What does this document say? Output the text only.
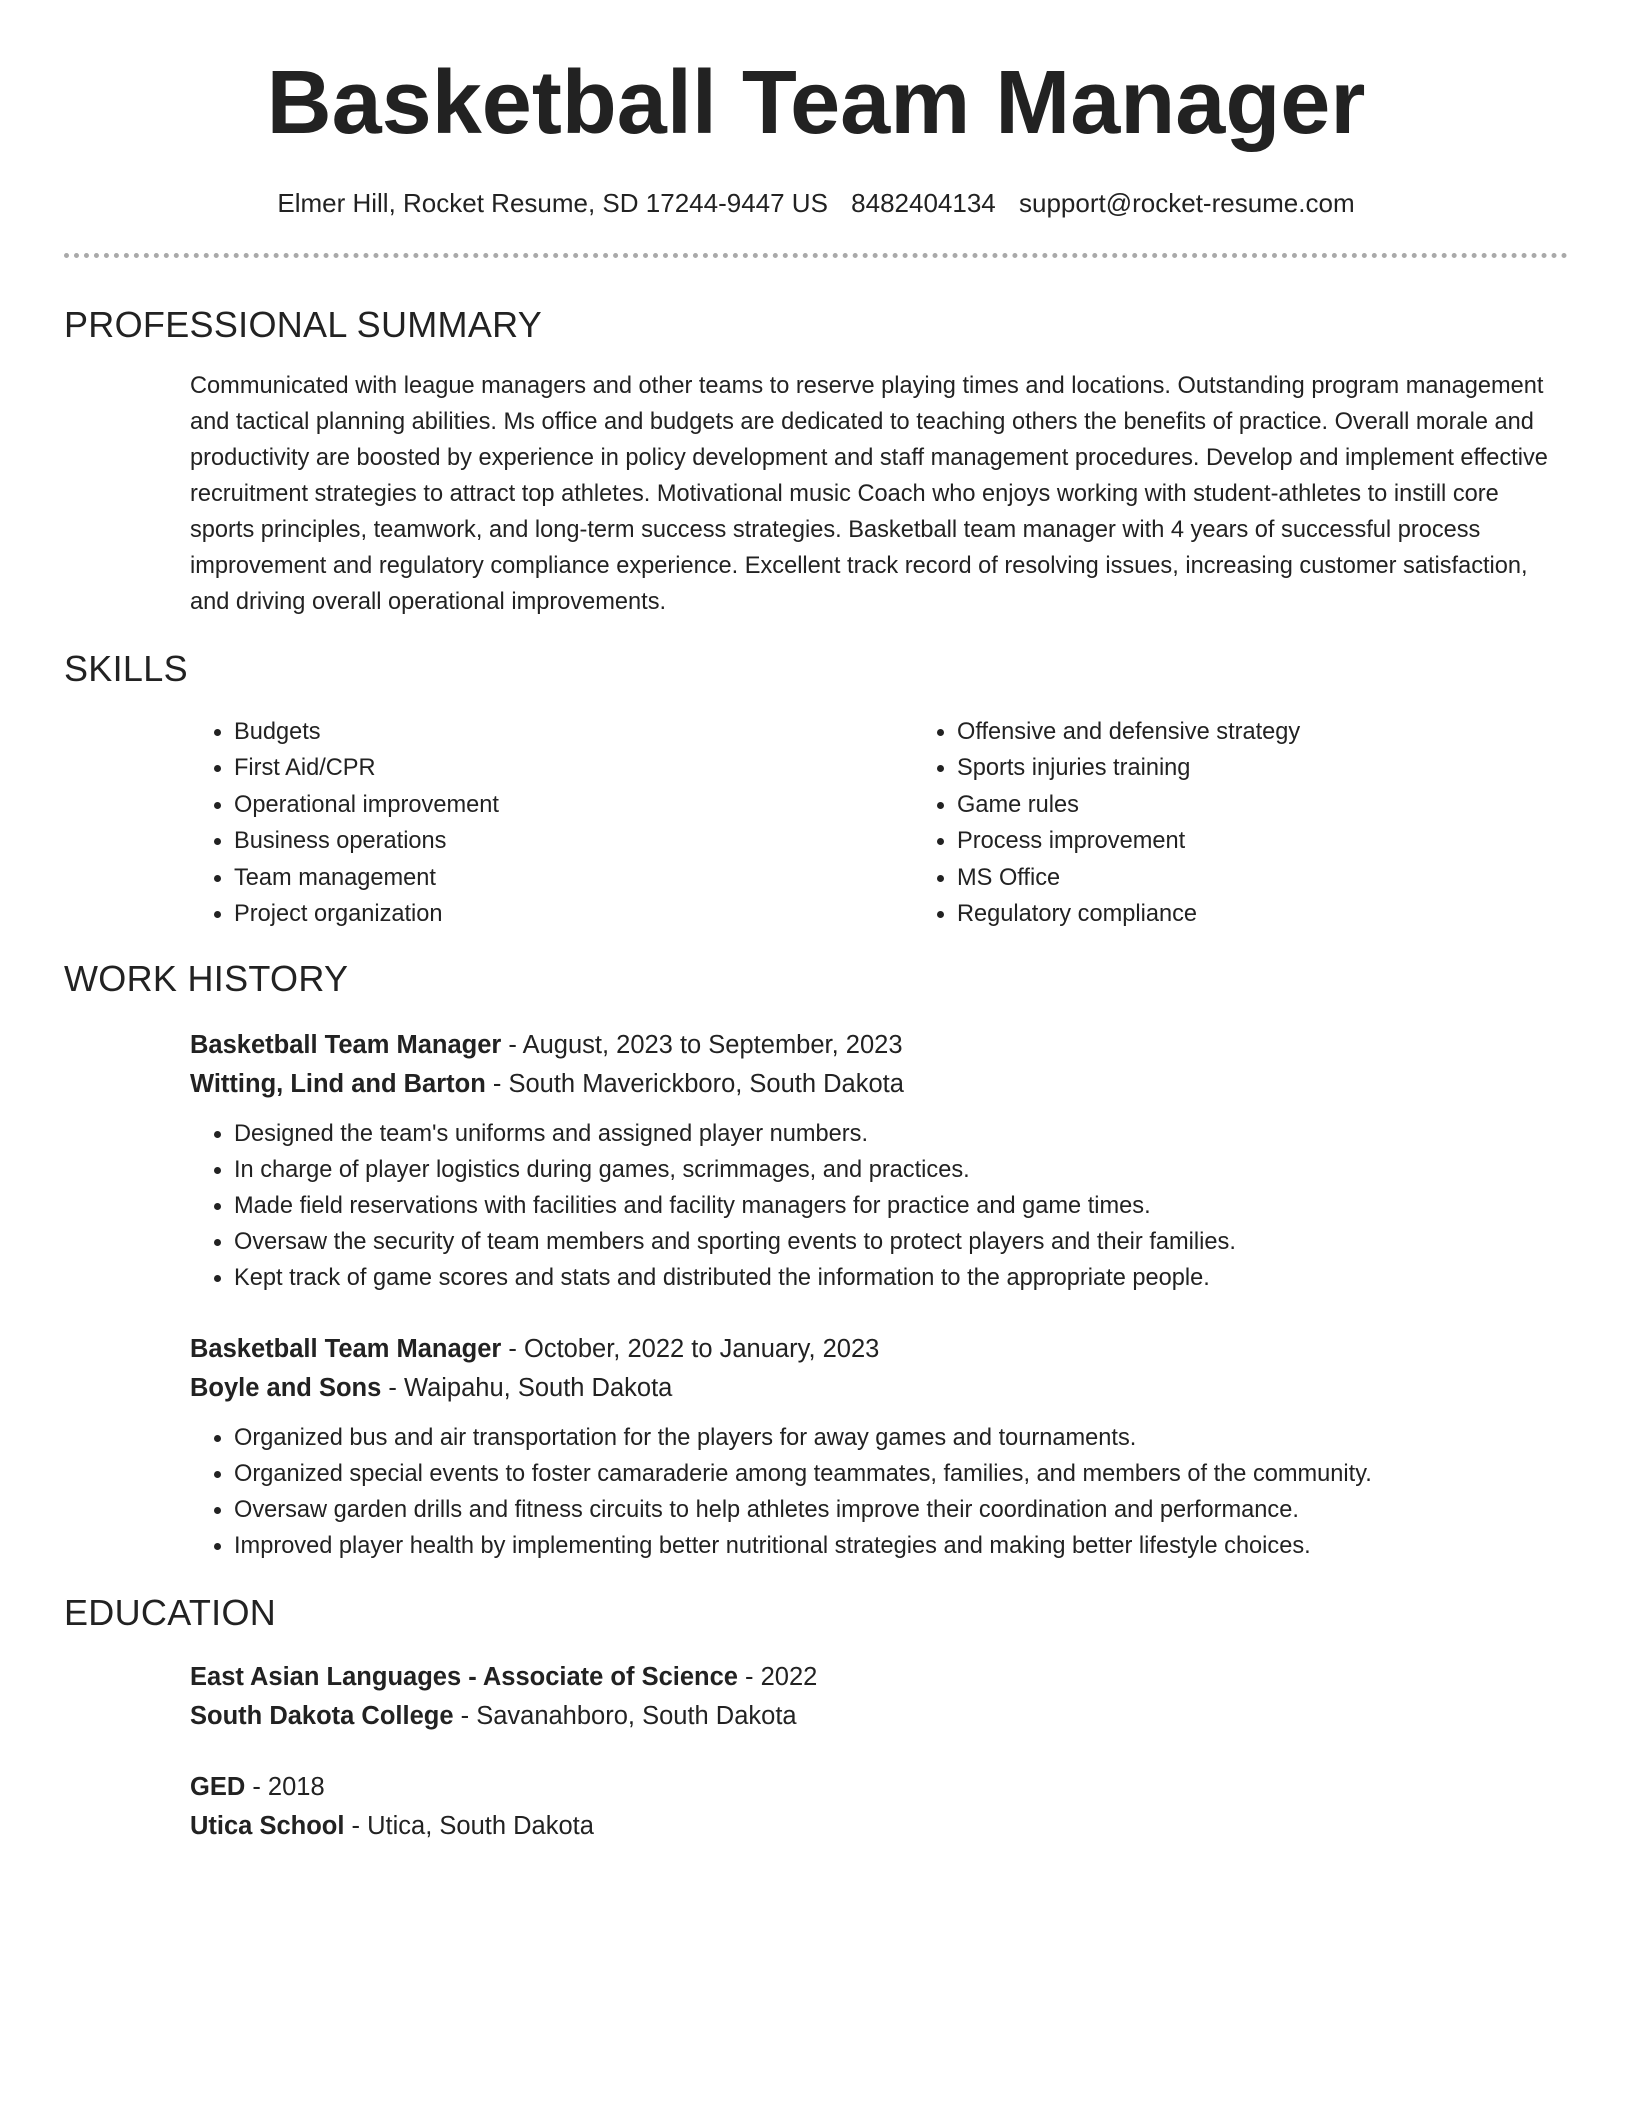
Basketball Team Manager
Elmer Hill, Rocket Resume, SD 17244-9447 US 8482404134 support@rocket-resume.com
PROFESSIONAL SUMMARY

Communicated with league managers and other teams to reserve playing times and locations. Outstanding program management and tactical planning abilities. Ms office and budgets are dedicated to teaching others the benefits of practice. Overall morale and productivity are boosted by experience in policy development and staff management procedures. Develop and implement effective recruitment strategies to attract top athletes. Motivational music Coach who enjoys working with student-athletes to instill core sports principles, teamwork, and long-term success strategies. Basketball team manager with 4 years of successful process improvement and regulatory compliance experience. Excellent track record of resolving issues, increasing customer satisfaction, and driving overall operational improvements.

SKILLS
• Budgets
• First Aid/CPR
• Operational improvement
• Business operations
• Team management
• Project organization
• Offensive and defensive strategy
• Sports injuries training
• Game rules
• Process improvement
• MS Office
• Regulatory compliance
WORK HISTORY
Basketball Team Manager - August, 2023 to September, 2023
Witting, Lind and Barton - South Maverickboro, South Dakota
• Designed the team's uniforms and assigned player numbers.
• In charge of player logistics during games, scrimmages, and practices.
• Made field reservations with facilities and facility managers for practice and game times.
• Oversaw the security of team members and sporting events to protect players and their families.
• Kept track of game scores and stats and distributed the information to the appropriate people.
Basketball Team Manager - October, 2022 to January, 2023
Boyle and Sons - Waipahu, South Dakota
• Organized bus and air transportation for the players for away games and tournaments.
• Organized special events to foster camaraderie among teammates, families, and members of the community.
• Oversaw garden drills and fitness circuits to help athletes improve their coordination and performance.
• Improved player health by implementing better nutritional strategies and making better lifestyle choices.
EDUCATION
East Asian Languages - Associate of Science - 2022
South Dakota College - Savanahboro, South Dakota
GED - 2018
Utica School - Utica, South Dakota
